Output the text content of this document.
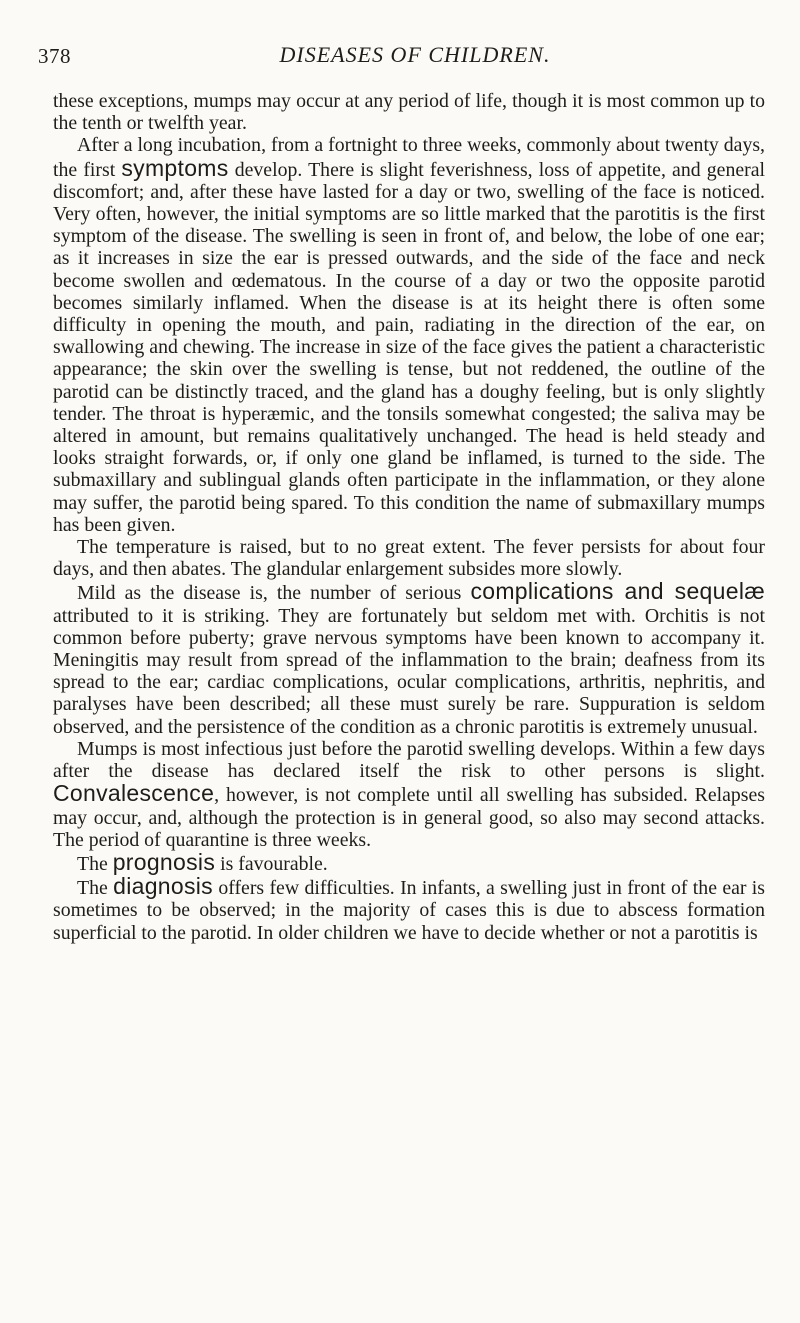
378	DISEASES OF CHILDREN.

these exceptions, mumps may occur at any period of life, though it is most common up to the tenth or twelfth year.

After a long incubation, from a fortnight to three weeks, commonly about twenty days, the first symptoms develop. There is slight feverishness, loss of appetite, and general discomfort; and, after these have lasted for a day or two, swelling of the face is noticed. Very often, however, the initial symptoms are so little marked that the parotitis is the first symptom of the disease. The swelling is seen in front of, and below, the lobe of one ear; as it increases in size the ear is pressed outwards, and the side of the face and neck become swollen and œdematous. In the course of a day or two the opposite parotid becomes similarly inflamed. When the disease is at its height there is often some difficulty in opening the mouth, and pain, radiating in the direction of the ear, on swallowing and chewing. The increase in size of the face gives the patient a characteristic appearance; the skin over the swelling is tense, but not reddened, the outline of the parotid can be distinctly traced, and the gland has a doughy feeling, but is only slightly tender. The throat is hyperæmic, and the tonsils somewhat congested; the saliva may be altered in amount, but remains qualitatively unchanged. The head is held steady and looks straight forwards, or, if only one gland be inflamed, is turned to the side. The submaxillary and sublingual glands often participate in the inflammation, or they alone may suffer, the parotid being spared. To this condition the name of submaxillary mumps has been given.

The temperature is raised, but to no great extent. The fever persists for about four days, and then abates. The glandular enlargement subsides more slowly.

Mild as the disease is, the number of serious complications and sequelæ attributed to it is striking. They are fortunately but seldom met with. Orchitis is not common before puberty; grave nervous symptoms have been known to accompany it. Meningitis may result from spread of the inflammation to the brain; deafness from its spread to the ear; cardiac complications, ocular complications, arthritis, nephritis, and paralyses have been described; all these must surely be rare. Suppuration is seldom observed, and the persistence of the condition as a chronic parotitis is extremely unusual.

Mumps is most infectious just before the parotid swelling develops. Within a few days after the disease has declared itself the risk to other persons is slight. Convalescence, however, is not complete until all swelling has subsided. Relapses may occur, and, although the protection is in general good, so also may second attacks. The period of quarantine is three weeks.

The prognosis is favourable.

The diagnosis offers few difficulties. In infants, a swelling just in front of the ear is sometimes to be observed; in the majority of cases this is due to abscess formation superficial to the parotid. In older children we have to decide whether or not a parotitis is
